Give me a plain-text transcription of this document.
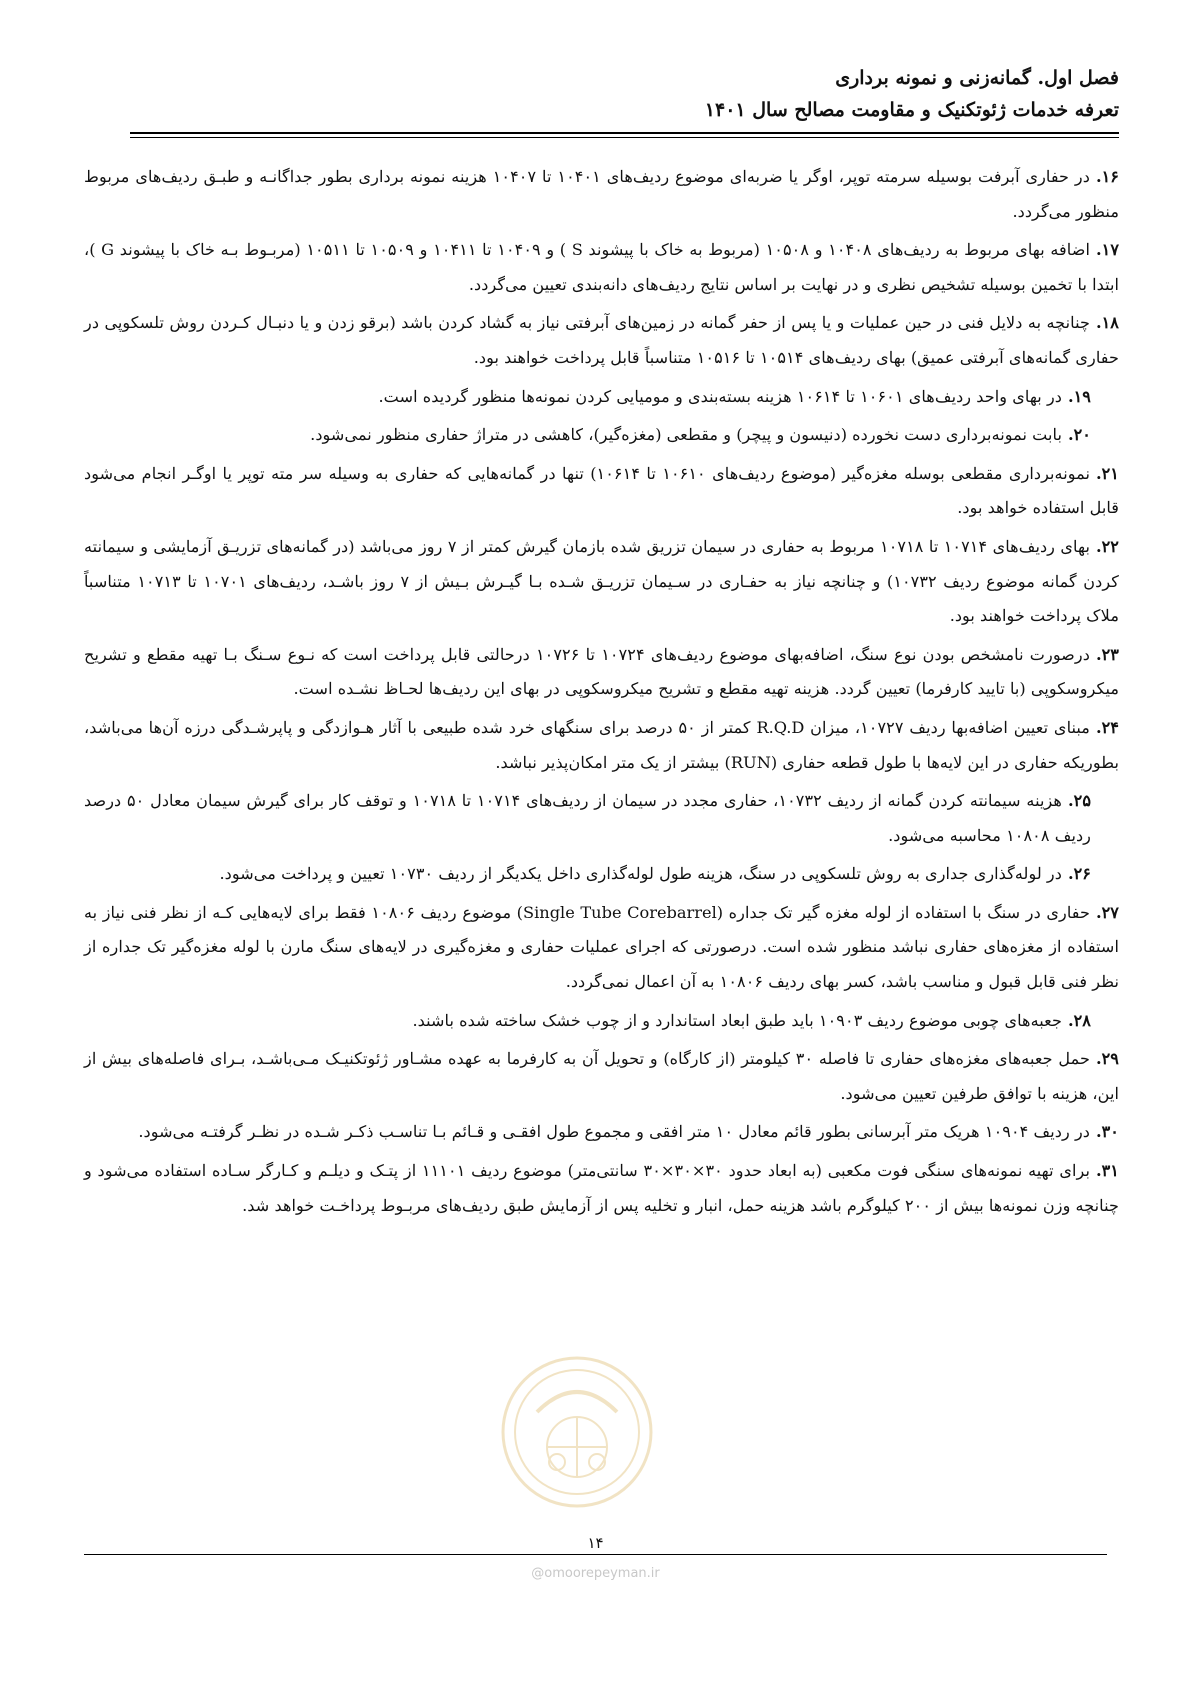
فصل اول. گمانه‌زنی و نمونه برداری
تعرفه خدمات ژئوتکنیک و مقاومت مصالح سال ۱۴۰۱

۱۶.در حفاری آبرفت بوسیله سرمته توپر، اوگر یا ضربه‌ای موضوع ردیف‌های ۱۰۴۰۱ تا ۱۰۴۰۷ هزینه نمونه برداری بطور جداگانـه و طبـق ردیف‌های مربوط منظور می‌گردد.

۱۷.اضافه بهای مربوط به ردیف‌های ۱۰۴۰۸ و ۱۰۵۰۸ (مربوط به خاک با پیشوند S ) و ۱۰۴۰۹ تا ۱۰۴۱۱ و ۱۰۵۰۹ تا ۱۰۵۱۱ (مربـوط بـه خاک با پیشوند G )، ابتدا با تخمین بوسیله تشخیص نظری و در نهایت بر اساس نتایج ردیف‌های دانه‌بندی تعیین می‌گردد.

۱۸.چنانچه به دلایل فنی در حین عملیات و یا پس از حفر گمانه در زمین‌های آبرفتی نیاز به گشاد کردن باشد (برقو زدن و یا دنبـال کـردن روش تلسکوپی در حفاری گمانه‌های آبرفتی عمیق) بهای ردیف‌های ۱۰۵۱۴ تا ۱۰۵۱۶ متناسباً قابل پرداخت خواهند بود.

۱۹.در بهای واحد ردیف‌های ۱۰۶۰۱ تا ۱۰۶۱۴ هزینه بسته‌بندی و مومیایی کردن نمونه‌ها منظور گردیده است.

۲۰.بابت نمونه‌برداری دست نخورده (دنیسون و پیچر) و مقطعی (مغزه‌گیر)، کاهشی در متراژ حفاری منظور نمی‌شود.

۲۱.نمونه‌برداری مقطعی بوسله مغزه‌گیر (موضوع ردیف‌های ۱۰۶۱۰ تا ۱۰۶۱۴) تنها در گمانه‌هایی که حفاری به وسیله سر مته توپر یا اوگـر انجام می‌شود قابل استفاده خواهد بود.

۲۲.بهای ردیف‌های ۱۰۷۱۴ تا ۱۰۷۱۸ مربوط به حفاری در سیمان تزریق شده بازمان گیرش کمتر از ۷ روز می‌باشد (در گمانه‌های تزریـق آزمایشی و سیمانته کردن گمانه موضوع ردیف ۱۰۷۳۲) و چنانچه نیاز به حفـاری در سـیمان تزریـق شـده بـا گیـرش بـیش از ۷ روز باشـد، ردیف‌های ۱۰۷۰۱ تا ۱۰۷۱۳ متناسباً ملاک پرداخت خواهند بود.

۲۳.درصورت نامشخص بودن نوع سنگ، اضافه‌بهای موضوع ردیف‌های ۱۰۷۲۴ تا ۱۰۷۲۶ درحالتی قابل پرداخت است که نـوع سـنگ بـا تهیه مقطع و تشریح میکروسکوپی (با تایید کارفرما) تعیین گردد. هزینه تهیه مقطع و تشریح میکروسکوپی در بهای این ردیف‌ها لحـاظ نشـده است.

۲۴.مبنای تعیین اضافه‌بها ردیف ۱۰۷۲۷، میزان R.Q.D کمتر از ۵۰ درصد برای سنگهای خرد شده طبیعی با آثار هـوازدگی و پاپرشـدگی درزه آن‌ها می‌باشد، بطوریکه حفاری در این لایه‌ها با طول قطعه حفاری (RUN) بیشتر از یک متر امکان‌پذیر نباشد.

۲۵.هزینه سیمانته کردن گمانه از ردیف ۱۰۷۳۲، حفاری مجدد در سیمان از ردیف‌های ۱۰۷۱۴ تا ۱۰۷۱۸ و توقف کار برای گیرش سیمان معادل ۵۰ درصد ردیف ۱۰۸۰۸ محاسبه می‌شود.

۲۶.در لوله‌گذاری جداری به روش تلسکوپی در سنگ، هزینه طول لوله‌گذاری داخل یکدیگر از ردیف ۱۰۷۳۰ تعیین و پرداخت می‌شود.

۲۷.حفاری در سنگ با استفاده از لوله مغزه گیر تک جداره (Single Tube Corebarrel) موضوع ردیف ۱۰۸۰۶ فقط برای لایه‌هایی کـه از نظر فنی نیاز به استفاده از مغزه‌های حفاری نباشد منظور شده است. درصورتی که اجرای عملیات حفاری و مغزه‌گیری در لایه‌های سنگ مارن با لوله مغزه‌گیر تک جداره از نظر فنی قابل قبول و مناسب باشد، کسر بهای ردیف ۱۰۸۰۶ به آن اعمال نمی‌گردد.

۲۸.جعبه‌های چوبی موضوع ردیف ۱۰۹۰۳ باید طبق ابعاد استاندارد و از چوب خشک ساخته شده باشند.

۲۹.حمل جعبه‌های مغزه‌های حفاری تا فاصله ۳۰ کیلومتر (از کارگاه) و تحویل آن به کارفرما به عهده مشـاور ژئوتکنیـک مـی‌باشـد، بـرای فاصله‌های بیش از این، هزینه با توافق طرفین تعیین می‌شود.

۳۰.در ردیف ۱۰۹۰۴ هریک متر آبرسانی بطور قائم معادل ۱۰ متر افقی و مجموع طول افقـی و قـائم بـا تناسـب ذکـر شـده در نظـر گرفتـه می‌شود.

۳۱.برای تهیه نمونه‌های سنگی فوت مکعبی (به ابعاد حدود ۳۰×۳۰×۳۰ سانتی‌متر) موضوع ردیف ۱۱۱۰۱ از پتـک و دیلـم و کـارگر سـاده استفاده می‌شود و چنانچه وزن نمونه‌ها بیش از ۲۰۰ کیلوگرم باشد هزینه حمل، انبار و تخلیه پس از آزمایش طبق ردیف‌های مربـوط پرداخـت خواهد شد.

۱۴
@omoorepeyman.ir
